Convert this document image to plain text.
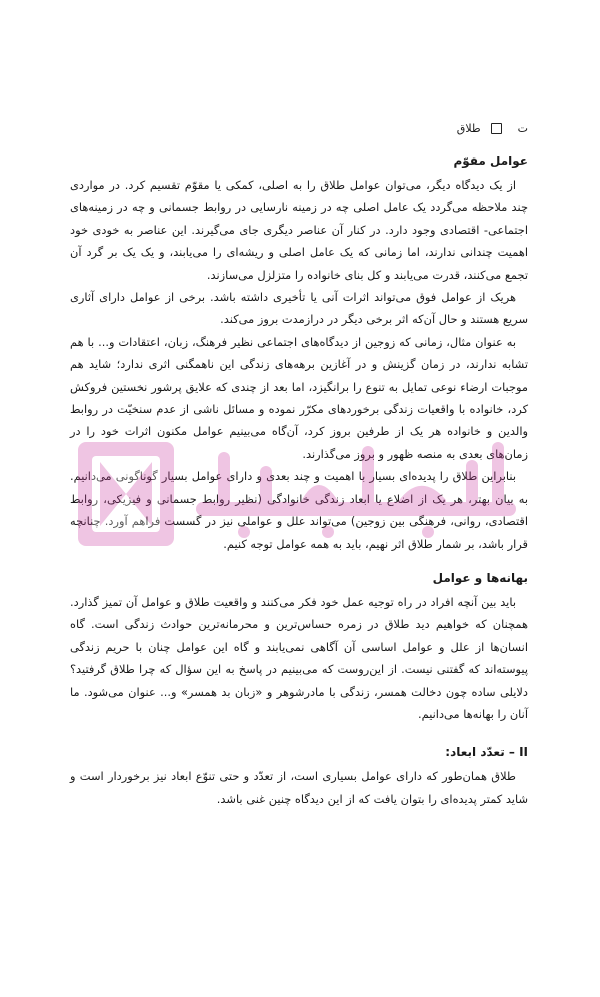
ت
طلاق
عوامل مقوّم

از یک دیدگاه دیگر، می‌توان عوامل طلاق را به اصلی، کمکی یا مقوّم تقسیم کرد. در مواردی چند ملاحظه می‌گردد یک عامل اصلی چه در زمینه نارسایی در روابط جسمانی و چه در زمینه‌های اجتماعی- اقتصادی وجود دارد. در کنار آن عناصر دیگری جای می‌گیرند. این عناصر به خودی خود اهمیت چندانی ندارند، اما زمانی که یک عامل اصلی و ریشه‌ای را می‌یابند، و یک یک بر گرد آن تجمع می‌کنند، قدرت می‌یابند و کل بنای خانواده را متزلزل می‌سازند.

هریک از عوامل فوق می‌تواند اثرات آنی یا تأخیری داشته باشد. برخی از عوامل دارای آثاری سریع هستند و حال آن‌که اثر برخی دیگر در درازمدت بروز می‌کند.

به عنوان مثال، زمانی که زوجین از دیدگاه‌های اجتماعی نظیر فرهنگ، زبان، اعتقادات و... با هم تشابه ندارند، در زمان گزینش و در آغازین برهه‌های زندگی این ناهمگنی اثری ندارد؛ شاید هم موجبات ارضاء نوعی تمایل به تنوع را برانگیزد، اما بعد از چندی که علایق پرشور نخستین فروکش کرد، خانواده با واقعیات زندگی برخوردهای مکرّر نموده و مسائل ناشی از عدم سنخیّت در روابط والدین و خانواده هر یک از طرفین بروز کرد، آن‌گاه می‌بینیم عوامل مکنون اثرات خود را در زمان‌های بعدی به منصه ظهور و بروز می‌گذارند.

بنابراین طلاق را پدیده‌ای بسیار با اهمیت و چند بعدی و دارای عوامل بسیار گوناگونی می‌دانیم. به بیان بهتر، هر یک از اضلاع یا ابعاد زندگی خانوادگی (نظیر روابط جسمانی و فیزیکی، روابط اقتصادی، روانی، فرهنگی بین زوجین) می‌تواند علل و عواملی نیز در گسست فراهم آورد. چنانچه قرار باشد، بر شمار طلاق اثر نهیم، باید به همه عوامل توجه کنیم.

بهانه‌ها و عوامل

باید بین آنچه افراد در راه توجیه عمل خود فکر می‌کنند و واقعیت طلاق و عوامل آن تمیز گذارد. همچنان که خواهیم دید طلاق در زمره حساس‌ترین و محرمانه‌ترین حوادث زندگی است. گاه انسان‌ها از علل و عوامل اساسی آن آگاهی نمی‌یابند و گاه این عوامل چنان با حریم زندگی پیوسته‌اند که گفتنی نیست. از این‌روست که می‌بینیم در پاسخ به این سؤال که چرا طلاق گرفتید؟ دلایلی ساده چون دخالت همسر، زندگی با مادرشوهر و «زبان بد همسر» و... عنوان می‌شود. ما آنان را بهانه‌ها می‌دانیم.

II – تعدّد ابعاد:

طلاق همان‌طور که دارای عوامل بسیاری است، از تعدّد و حتی تنوّع ابعاد نیز برخوردار است و شاید کمتر پدیده‌ای را بتوان یافت که از این دیدگاه چنین غنی باشد.
